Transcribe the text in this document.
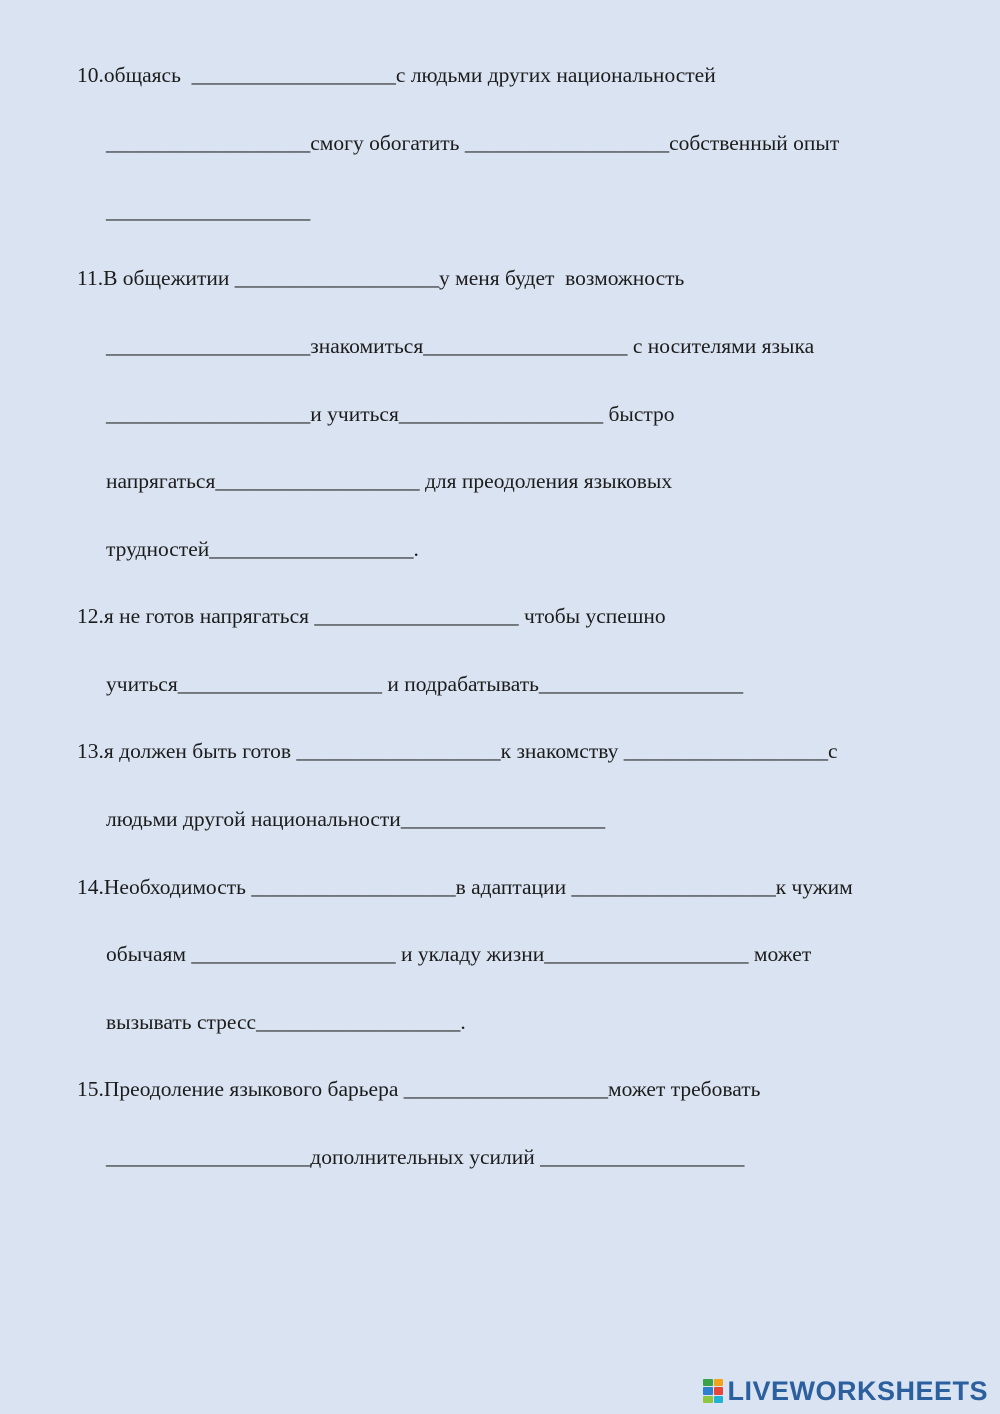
10.общаясь  ___________________с людьми других национальностей
___________________смогу обогатить ___________________собственный опыт
___________________
11.В общежитии ___________________у меня будет  возможность
___________________знакомиться___________________ с носителями языка
___________________и учиться___________________ быстро
напрягаться___________________ для преодоления языковых
трудностей___________________.
12.я не готов напрягаться ___________________ чтобы успешно
учиться___________________ и подрабатывать___________________
13.я должен быть готов ___________________к знакомству ___________________с
людьми другой национальности___________________
14.Необходимость ___________________в адаптации ___________________к чужим
обычаям ___________________ и укладу жизни___________________ может
вызывать стресс___________________.
15.Преодоление языкового барьера ___________________может требовать
___________________дополнительных усилий ___________________
LIVEWORKSHEETS
